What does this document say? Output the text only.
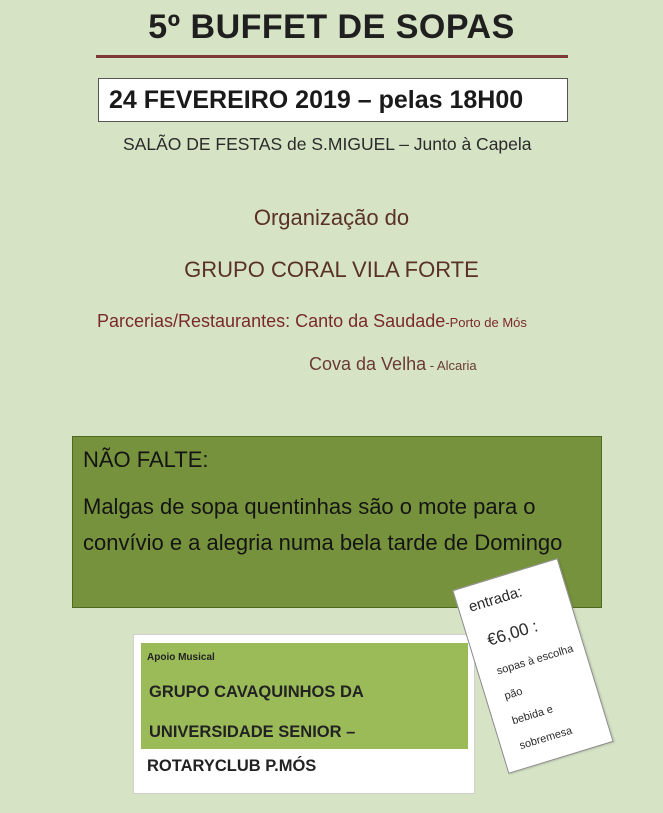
5º BUFFET DE SOPAS
24 FEVEREIRO 2019 – pelas 18H00
SALÃO DE FESTAS de S.MIGUEL – Junto à Capela
Organização do
GRUPO CORAL VILA FORTE
Parcerias/Restaurantes: Canto da Saudade-Porto de Mós
Cova da Velha - Alcaria
NÃO FALTE:
Malgas de sopa quentinhas são o mote para o convívio e a alegria numa bela tarde de Domingo
Apoio Musical
GRUPO CAVAQUINHOS DA
UNIVERSIDADE SENIOR –
ROTARYCLUB P.MÓS
entrada:
€6,00 :
sopas à escolha
pão
bebida e
sobremesa
